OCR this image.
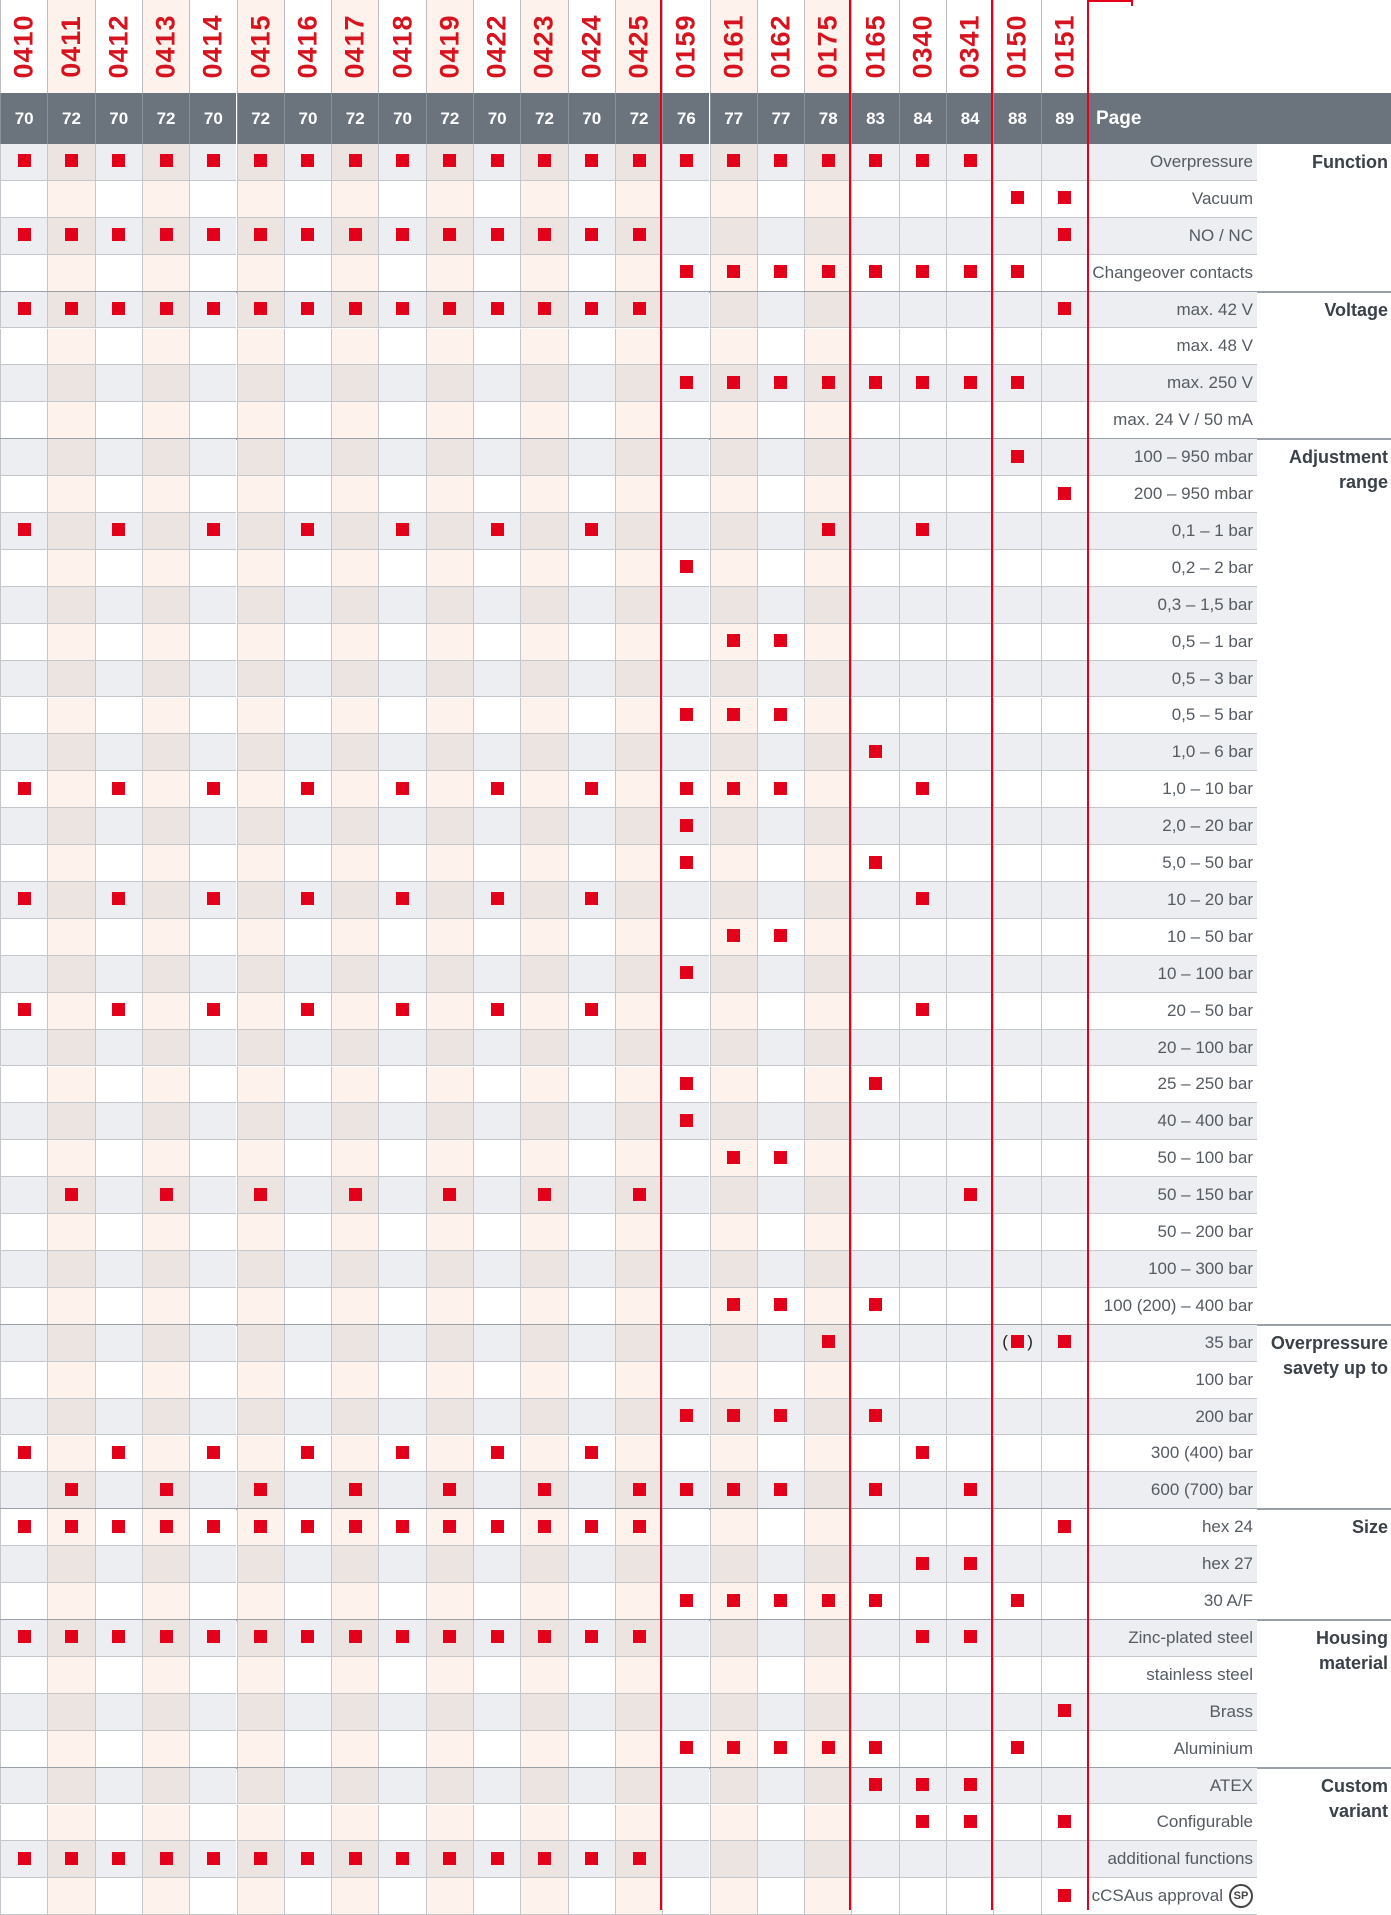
0410
70
0411
72
0412
70
0413
72
0414
70
0415
72
0416
70
0417
72
0418
70
0419
72
0422
70
0423
72
0424
70
0425
72
0159
76
0161
77
0162
77
0175
78
0165
83
0340
84
0341
84
0150
88
0151
89	Page
Overpressure
Vacuum
NO / NC
Changeover contacts
Function
max. 42 V
max. 48 V
max. 250 V
max. 24 V / 50 mA
Voltage
100 – 950 mbar
200 – 950 mbar
0,1 – 1 bar
0,2 – 2 bar
0,3 – 1,5 bar
0,5 – 1 bar
0,5 – 3 bar
0,5 – 5 bar
1,0 – 6 bar
1,0 – 10 bar
2,0 – 20 bar
5,0 – 50 bar
10 – 20 bar
10 – 50 bar
10 – 100 bar
20 – 50 bar
20 – 100 bar
25 – 250 bar
40 – 400 bar
50 – 100 bar
50 – 150 bar
50 – 200 bar
100 – 300 bar
100 (200) – 400 bar
Adjustment range
( )	35 bar
100 bar
200 bar
300 (400) bar
600 (700) bar
Overpressure savety up to
hex 24
hex 27
30 A/F
Size
Zinc-plated steel
stainless steel
Brass
Aluminium
Housing material
ATEX
Configurable
additional functions
cCSAus approval SP
Custom variant
